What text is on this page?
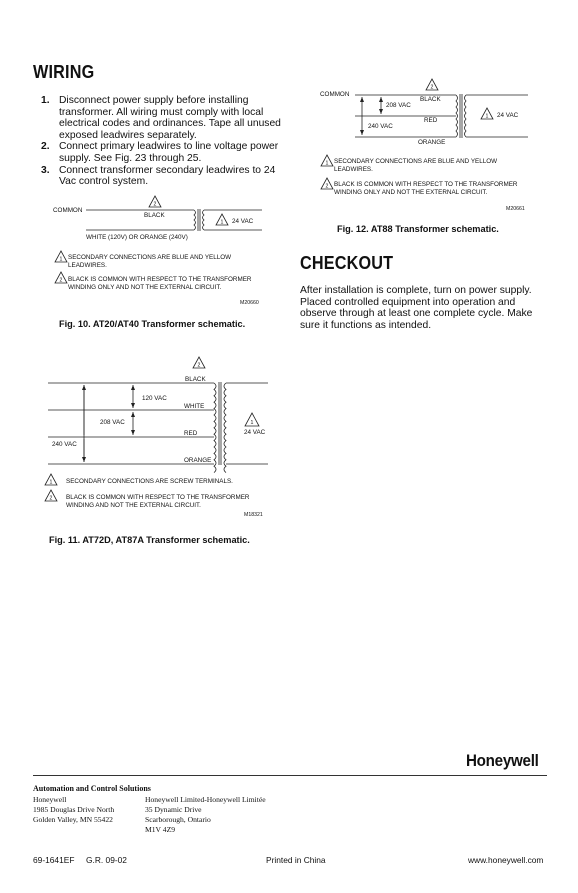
WIRING
1. Disconnect power supply before installing transformer. All wiring must comply with local electrical codes and ordinances. Tape all unused exposed leadwires separately.
2. Connect primary leadwires to line voltage power supply. See Fig. 23 through 25.
3. Connect transformer secondary leadwires to 24 Vac control system.
COMMON
BLACK
24 VAC
WHITE (120V) OR ORANGE (240V)
2
1
1
2
SECONDARY CONNECTIONS ARE BLUE AND YELLOW
LEADWIRES.
BLACK IS COMMON WITH RESPECT TO THE TRANSFORMER
WINDING ONLY AND NOT THE EXTERNAL CIRCUIT.
M20660
Fig. 10. AT20/AT40 Transformer schematic.
BLACK
WHITE
RED
ORANGE
120 VAC
208 VAC
240 VAC
24 VAC
2
1
1
2
SECONDARY CONNECTIONS ARE SCREW TERMINALS.
BLACK IS COMMON WITH RESPECT TO THE TRANSFORMER
WINDING AND NOT THE EXTERNAL CIRCUIT.
M18321
Fig. 11. AT72D, AT87A Transformer schematic.
COMMON
BLACK
208 VAC
RED
240 VAC
ORANGE
24 VAC
2
1
1
2
SECONDARY CONNECTIONS ARE BLUE AND YELLOW
LEADWIRES.
BLACK IS COMMON WITH RESPECT TO THE TRANSFORMER
WINDING ONLY AND NOT THE EXTERNAL CIRCUIT.
M20661
Fig. 12. AT88 Transformer schematic.
CHECKOUT
After installation is complete, turn on power supply. Placed controlled equipment into operation and observe through at least one complete cycle. Make sure it functions as intended.
Honeywell
Automation and Control Solutions
Honeywell
1985 Douglas Drive North
Golden Valley, MN 55422
Honeywell Limited-Honeywell Limitée
35 Dynamic Drive
Scarborough, Ontario
M1V 4Z9
69-1641EF G.R. 09-02	Printed in China	www.honeywell.com
